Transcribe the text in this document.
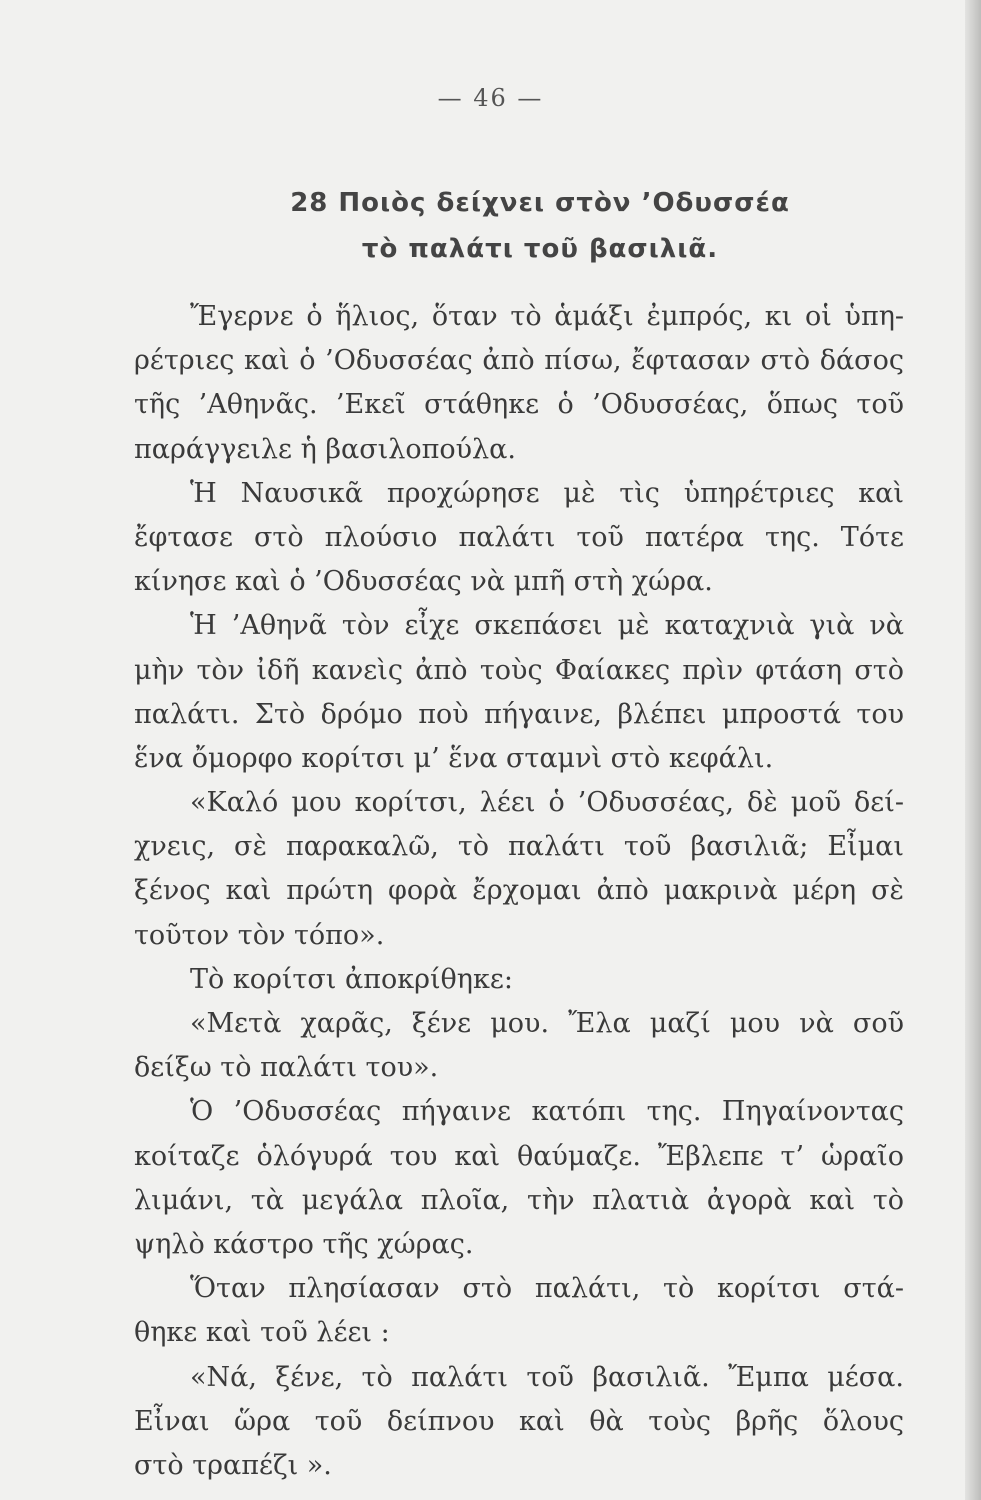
— 46 —
28 Ποιὸς δείχνει στὸν ’Οδυσσέα
τὸ παλάτι τοῦ βασιλιᾶ.
Ἔγερνε ὁ ἥλιος, ὅταν τὸ ἁμάξι ἐμπρός, κι οἱ ὑπη-
ρέτριες καὶ ὁ ’Οδυσσέας ἀπὸ πίσω, ἔφτασαν στὸ δάσος
τῆς ’Αθηνᾶς. ’Εκεῖ στάθηκε ὁ ’Οδυσσέας, ὅπως τοῦ
παράγγειλε ἡ βασιλοπούλα.
Ἡ Ναυσικᾶ προχώρησε μὲ τὶς ὑπηρέτριες καὶ
ἔφτασε στὸ πλούσιο παλάτι τοῦ πατέρα της. Τότε
κίνησε καὶ ὁ ’Οδυσσέας νὰ μπῆ στὴ χώρα.
Ἡ ’Αθηνᾶ τὸν εἶχε σκεπάσει μὲ καταχνιὰ γιὰ νὰ
μὴν τὸν ἰδῆ κανεὶς ἀπὸ τοὺς Φαίακες πρὶν φτάση στὸ
παλάτι. Στὸ δρόμο ποὺ πήγαινε, βλέπει μπροστά του
ἕνα ὄμορφο κορίτσι μ’ ἕνα σταμνὶ στὸ κεφάλι.
«Καλό μου κορίτσι, λέει ὁ ’Οδυσσέας, δὲ μοῦ δεί-
χνεις, σὲ παρακαλῶ, τὸ παλάτι τοῦ βασιλιᾶ; Εἶμαι
ξένος καὶ πρώτη φορὰ ἔρχομαι ἀπὸ μακρινὰ μέρη σὲ
τοῦτον τὸν τόπο».
Τὸ κορίτσι ἀποκρίθηκε:
«Μετὰ χαρᾶς, ξένε μου. Ἔλα μαζί μου νὰ σοῦ
δείξω τὸ παλάτι του».
Ὁ ’Οδυσσέας πήγαινε κατόπι της. Πηγαίνοντας
κοίταζε ὁλόγυρά του καὶ θαύμαζε. Ἔβλεπε τ’ ὡραῖο
λιμάνι, τὰ μεγάλα πλοῖα, τὴν πλατιὰ ἀγορὰ καὶ τὸ
ψηλὸ κάστρο τῆς χώρας.
Ὅταν πλησίασαν στὸ παλάτι, τὸ κορίτσι στά-
θηκε καὶ τοῦ λέει :
«Νά, ξένε, τὸ παλάτι τοῦ βασιλιᾶ. Ἔμπα μέσα.
Εἶναι ὥρα τοῦ δείπνου καὶ θὰ τοὺς βρῆς ὅλους
στὸ τραπέζι ».
